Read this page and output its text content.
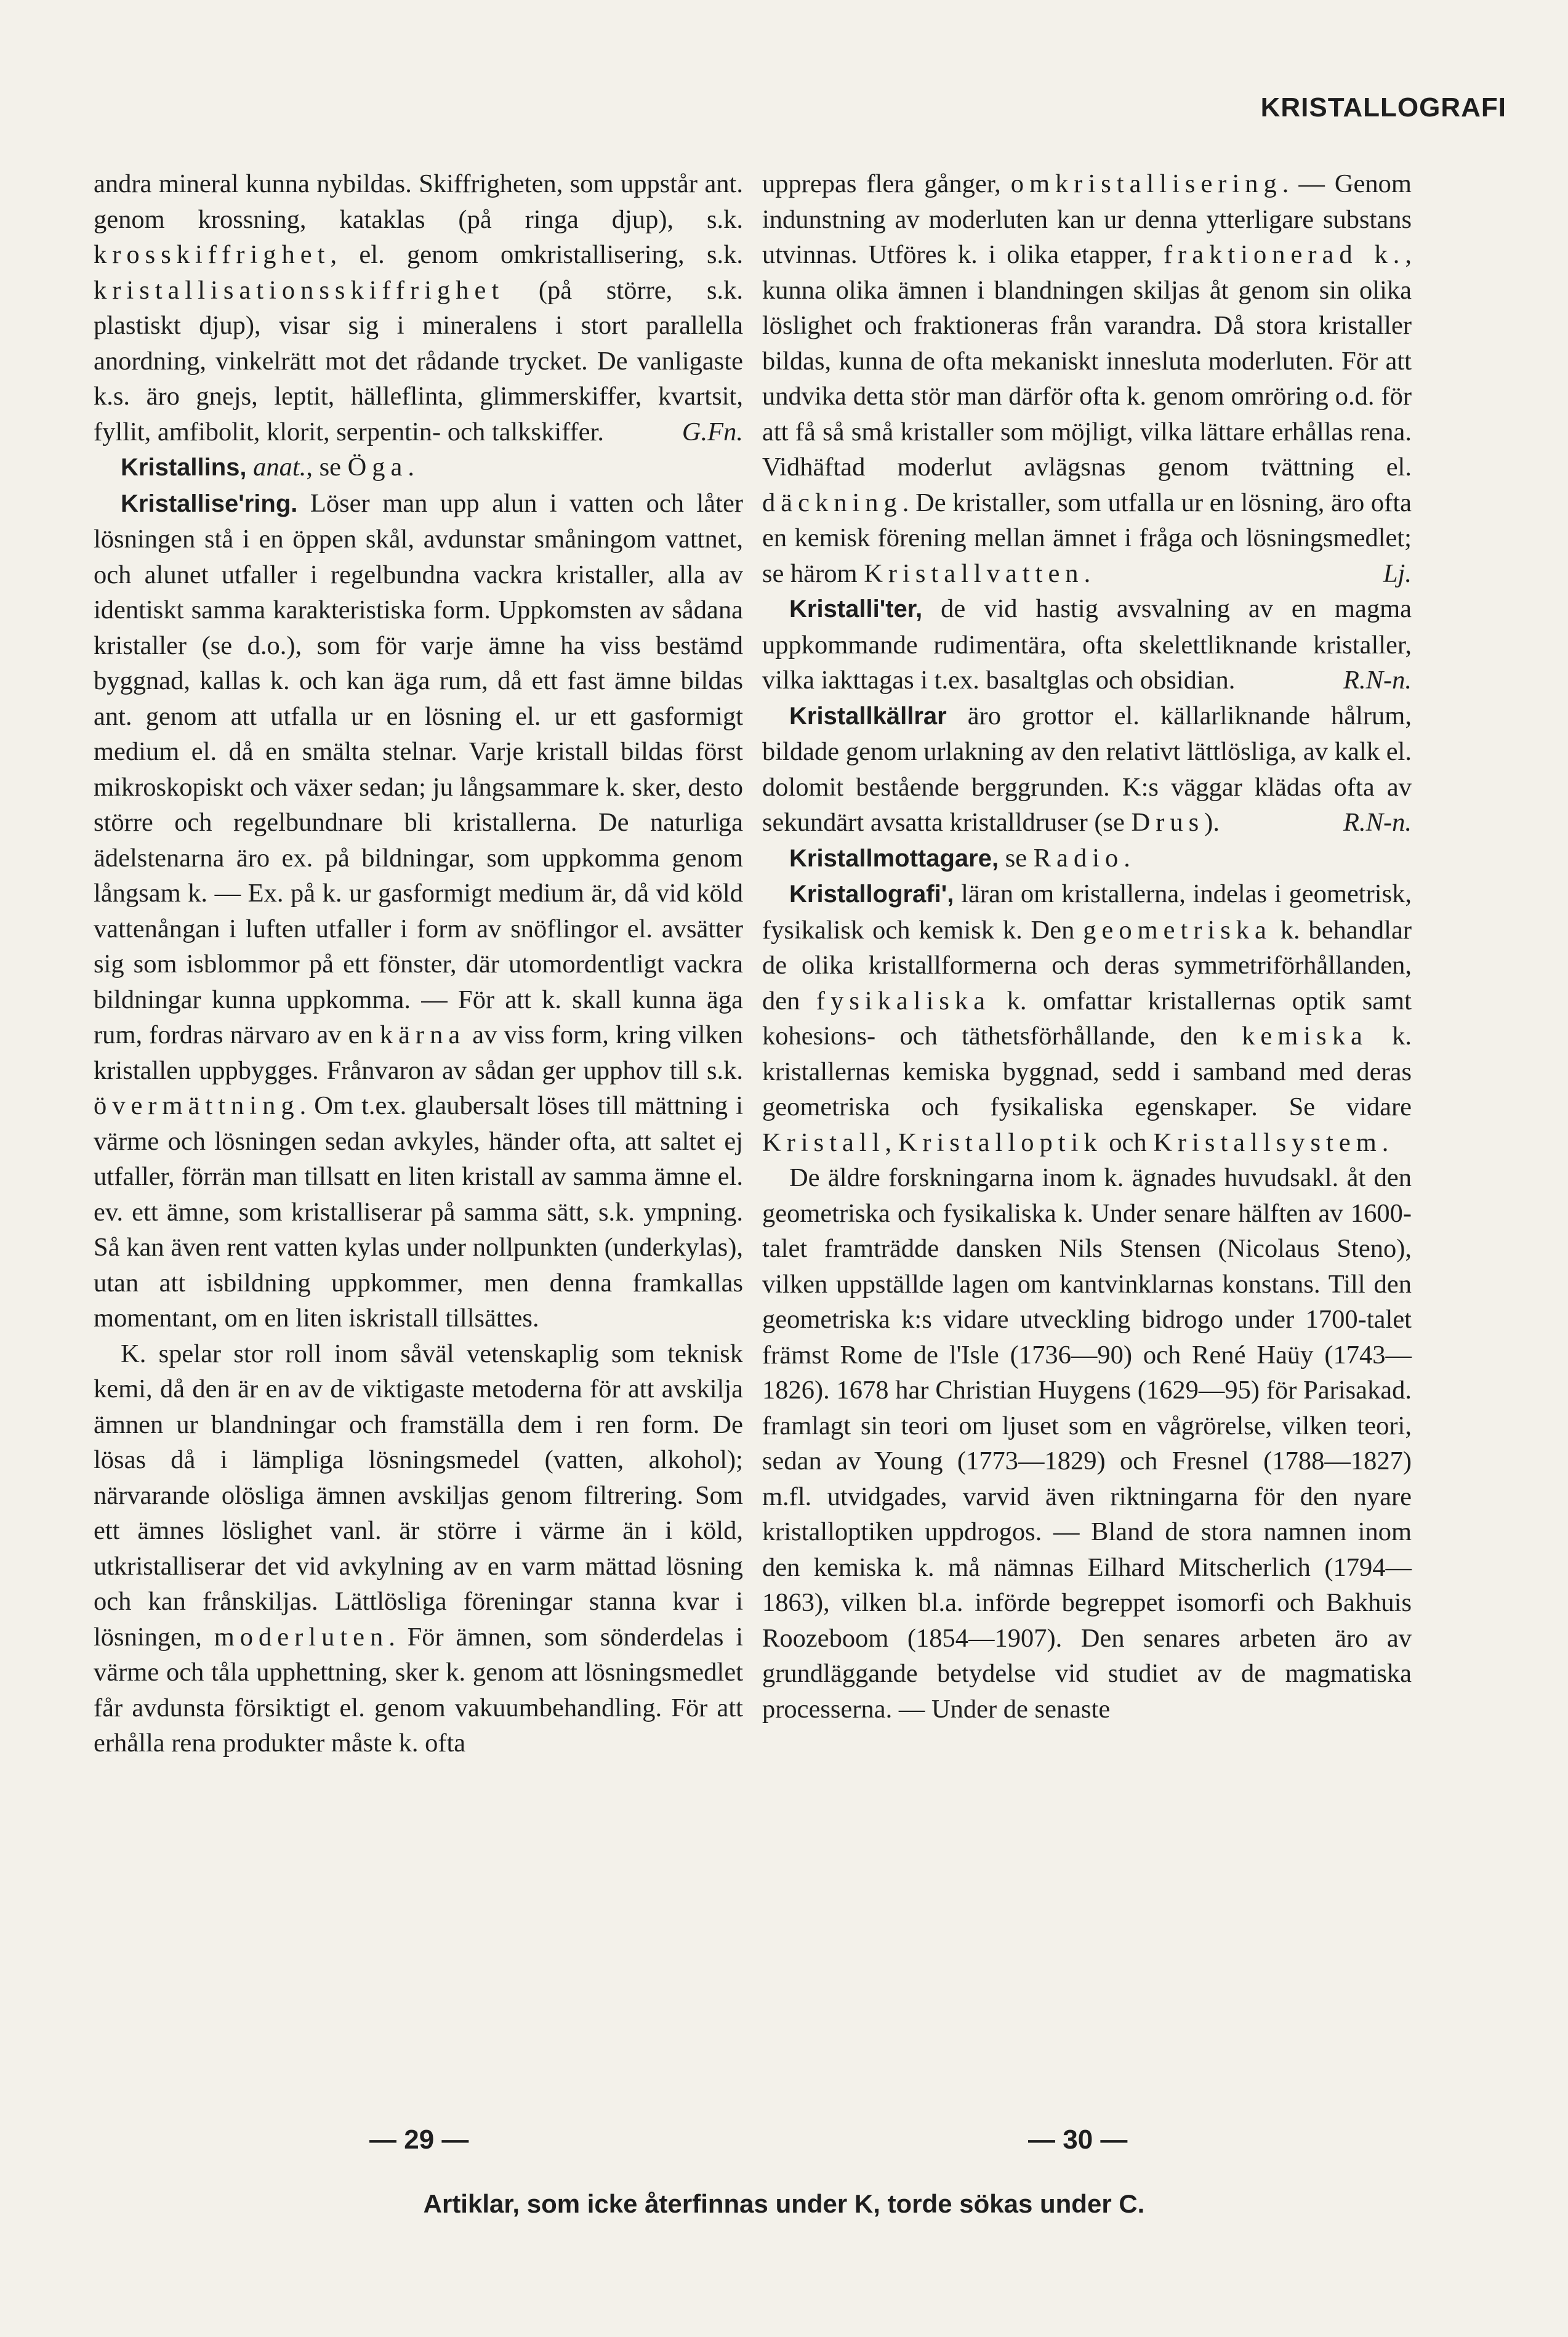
KRISTALLOGRAFI

andra mineral kunna nybildas. Skiffrigheten, som uppstår ant. genom krossning, kataklas (på ringa djup), s.k. krosskiffrighet, el. genom omkristallisering, s.k. kristallisationsskiffrighet (på större, s.k. plastiskt djup), visar sig i mineralens i stort parallella anordning, vinkelrätt mot det rådande trycket. De vanligaste k.s. äro gnejs, leptit, hälleflinta, glimmerskiffer, kvartsit, fyllit, amfibolit, klorit, serpentin- och talkskiffer.	G.Fn.

Kristallins, anat., se Öga.

Kristallise'ring. Löser man upp alun i vatten och låter lösningen stå i en öppen skål, avdunstar småningom vattnet, och alunet utfaller i regelbundna vackra kristaller, alla av identiskt samma karakteristiska form. Uppkomsten av sådana kristaller (se d.o.), som för varje ämne ha viss bestämd byggnad, kallas k. och kan äga rum, då ett fast ämne bildas ant. genom att utfalla ur en lösning el. ur ett gasformigt medium el. då en smälta stelnar. Varje kristall bildas först mikroskopiskt och växer sedan; ju långsammare k. sker, desto större och regelbundnare bli kristallerna. De naturliga ädelstenarna äro ex. på bildningar, som uppkomma genom långsam k. — Ex. på k. ur gasformigt medium är, då vid köld vattenångan i luften utfaller i form av snöflingor el. avsätter sig som isblommor på ett fönster, där utomordentligt vackra bildningar kunna uppkomma. — För att k. skall kunna äga rum, fordras närvaro av en kärna av viss form, kring vilken kristallen uppbygges. Frånvaron av sådan ger upphov till s.k. övermättning. Om t.ex. glaubersalt löses till mättning i värme och lösningen sedan avkyles, händer ofta, att saltet ej utfaller, förrän man tillsatt en liten kristall av samma ämne el. ev. ett ämne, som kristalliserar på samma sätt, s.k. ympning. Så kan även rent vatten kylas under nollpunkten (underkylas), utan att isbildning uppkommer, men denna framkallas momentant, om en liten iskristall tillsättes.

K. spelar stor roll inom såväl vetenskaplig som teknisk kemi, då den är en av de viktigaste metoderna för att avskilja ämnen ur blandningar och framställa dem i ren form. De lösas då i lämpliga lösningsmedel (vatten, alkohol); närvarande olösliga ämnen avskiljas genom filtrering. Som ett ämnes löslighet vanl. är större i värme än i köld, utkristalliserar det vid avkylning av en varm mättad lösning och kan frånskiljas. Lättlösliga föreningar stanna kvar i lösningen, moderluten. För ämnen, som sönderdelas i värme och tåla upphettning, sker k. genom att lösningsmedlet får avdunsta försiktigt el. genom vakuumbehandling. För att erhålla rena produkter måste k. ofta

upprepas flera gånger, omkristallisering. — Genom indunstning av moderluten kan ur denna ytterligare substans utvinnas. Utföres k. i olika etapper, fraktionerad k., kunna olika ämnen i blandningen skiljas åt genom sin olika löslighet och fraktioneras från varandra. Då stora kristaller bildas, kunna de ofta mekaniskt innesluta moderluten. För att undvika detta stör man därför ofta k. genom omröring o.d. för att få så små kristaller som möjligt, vilka lättare erhållas rena. Vidhäftad moderlut avlägsnas genom tvättning el. däckning. De kristaller, som utfalla ur en lösning, äro ofta en kemisk förening mellan ämnet i fråga och lösningsmedlet; se härom Kristallvatten.	Lj.

Kristalli'ter, de vid hastig avsvalning av en magma uppkommande rudimentära, ofta skelettliknande kristaller, vilka iakttagas i t.ex. basaltglas och obsidian.	R.N-n.

Kristallkällrar äro grottor el. källarliknande hålrum, bildade genom urlakning av den relativt lättlösliga, av kalk el. dolomit bestående berggrunden. K:s väggar klädas ofta av sekundärt avsatta kristalldruser (se Drus).	R.N-n.

Kristallmottagare, se Radio.

Kristallografi', läran om kristallerna, indelas i geometrisk, fysikalisk och kemisk k. Den geometriska k. behandlar de olika kristallformerna och deras symmetriförhållanden, den fysikaliska k. omfattar kristallernas optik samt kohesions- och täthetsförhållande, den kemiska k. kristallernas kemiska byggnad, sedd i samband med deras geometriska och fysikaliska egenskaper. Se vidare Kristall, Kristalloptik och Kristallsystem.

De äldre forskningarna inom k. ägnades huvudsakl. åt den geometriska och fysikaliska k. Under senare hälften av 1600-talet framträdde dansken Nils Stensen (Nicolaus Steno), vilken uppställde lagen om kantvinklarnas konstans. Till den geometriska k:s vidare utveckling bidrogo under 1700-talet främst Rome de l'Isle (1736—90) och René Haüy (1743—1826). 1678 har Christian Huygens (1629—95) för Parisakad. framlagt sin teori om ljuset som en vågrörelse, vilken teori, sedan av Young (1773—1829) och Fresnel (1788—1827) m.fl. utvidgades, varvid även riktningarna för den nyare kristalloptiken uppdrogos. — Bland de stora namnen inom den kemiska k. må nämnas Eilhard Mitscherlich (1794—1863), vilken bl.a. införde begreppet isomorfi och Bakhuis Roozeboom (1854—1907). Den senares arbeten äro av grundläggande betydelse vid studiet av de magmatiska processerna. — Under de senaste

— 29 —	— 30 —
Artiklar, som icke återfinnas under K, torde sökas under C.
